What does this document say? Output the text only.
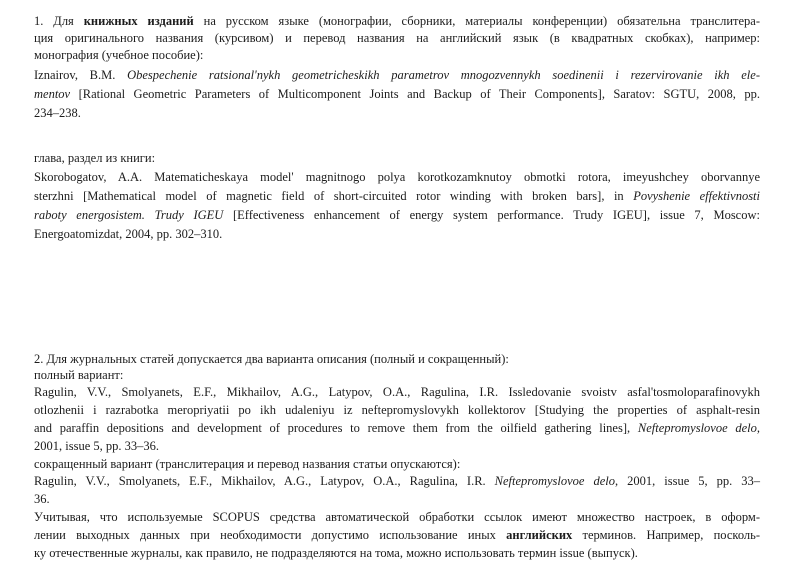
1. Для книжных изданий на русском языке (монографии, сборники, материалы конференции) обязательна транслитера-
ция оригинального названия (курсивом) и перевод названия на английский язык (в квадратных скобках), например:
монография (учебное пособие):
Iznairov, B.M. Obespechenie ratsional'nykh geometricheskikh parametrov mnogozvennykh soedinenii i rezervirovanie ikh ele-
mentov [Rational Geometric Parameters of Multicomponent Joints and Backup of Their Components], Saratov: SGTU, 2008, pp.
234–238.
глава, раздел из книги:
Skorobogatov, A.A. Matematicheskaya model' magnitnogo polya korotkozamknutoy obmotki rotora, imeyushchey oborvannye
sterzhni [Mathematical model of magnetic field of short-circuited rotor winding with broken bars], in Povyshenie effektivnosti
raboty energosistem. Trudy IGEU [Effectiveness enhancement of energy system performance. Trudy IGEU], issue 7, Moscow:
Energoatomizdat, 2004, pp. 302–310.
2. Для журнальных статей допускается два варианта описания (полный и сокращенный):
полный вариант:
Ragulin, V.V., Smolyanets, E.F., Mikhailov, A.G., Latypov, O.A., Ragulina, I.R. Issledovanie svoistv asfal'tosmoloparafinovykh
otlozhenii i razrabotka meropriyatii po ikh udaleniyu iz neftepromyslovykh kollektorov [Studying the properties of asphalt-resin
and paraffin depositions and development of procedures to remove them from the oilfield gathering lines], Neftepromyslovoe delo,
2001, issue 5, pp. 33–36.
сокращенный вариант (транслитерация и перевод названия статьи опускаются):
Ragulin, V.V., Smolyanets, E.F., Mikhailov, A.G., Latypov, O.A., Ragulina, I.R. Neftepromyslovoe delo, 2001, issue 5, pp. 33–
36.
Учитывая, что используемые SCOPUS средства автоматической обработки ссылок имеют множество настроек, в оформ-
лении выходных данных при необходимости допустимо использование иных английских терминов. Например, посколь-
ку отечественные журналы, как правило, не подразделяются на тома, можно использовать термин issue (выпуск).
